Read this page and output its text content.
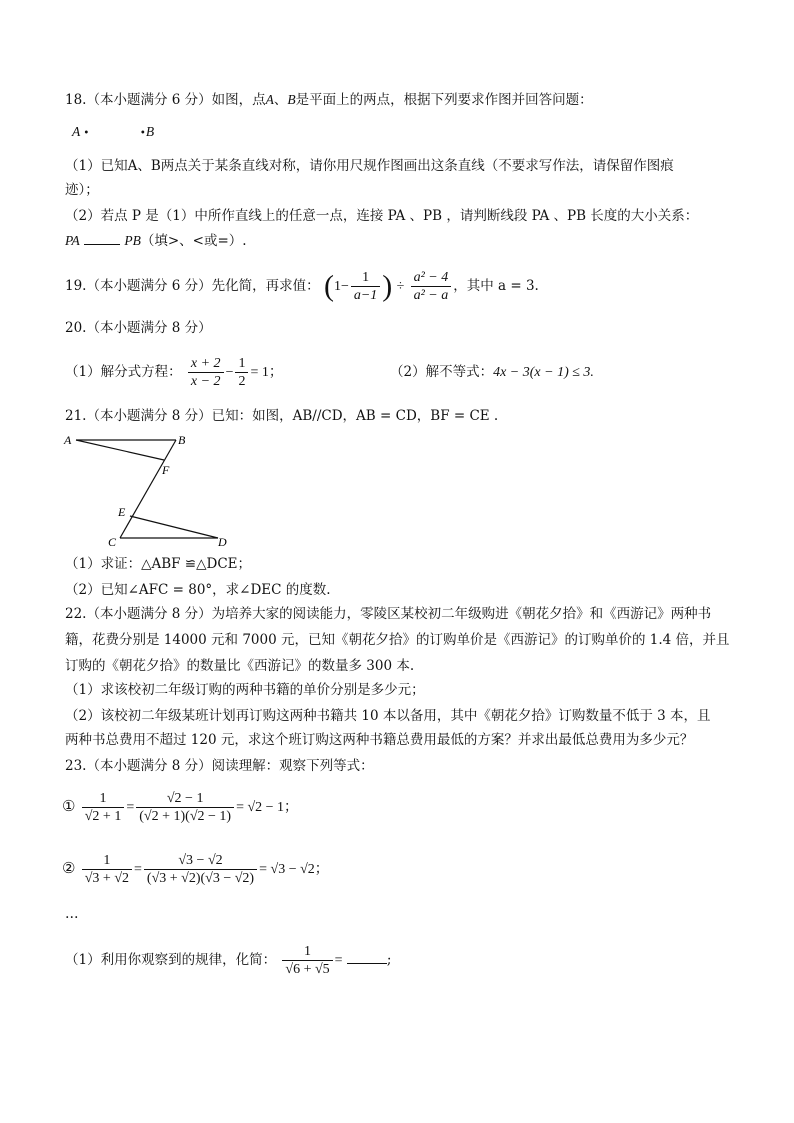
18.（本小题满分 6 分）如图，点A、B是平面上的两点，根据下列要求作图并回答问题：
A •	•B
（1）已知A、B两点关于某条直线对称，请你用尺规作图画出这条直线（不要求写作法，请保留作图痕
迹）；
（2）若点 P 是（1）中所作直线上的任意一点，连接 PA 、PB ，请判断线段 PA 、PB 长度的大小关系：
PA	PB（填>、<或=）.
19.（本小题满分 6 分）先化简，再求值： ($1- \frac{1}{a-1}$ ) ÷ $\frac{\text{a² − 4}}{\text{a² − a}}$ ，其中 a = 3.
20.（本小题满分 8 分）
（1）解分式方程： $\frac{x + 2}{x - 2} - \frac{1}{2} = 1$；	（2）解不等式：4x − 3(x − 1) ≤ 3.
21.（本小题满分 8 分）已知：如图，AB//CD，AB = CD，BF = CE .
A	B
F
E
C	D
（1）求证：△ABF ≌△DCE；
（2）已知∠AFC = 80°，求∠DEC 的度数.
22.（本小题满分 8 分）为培养大家的阅读能力，零陵区某校初二年级购进《朝花夕拾》和《西游记》两种书
籍，花费分别是 14000 元和 7000 元，已知《朝花夕拾》的订购单价是《西游记》的订购单价的 1.4 倍，并且
订购的《朝花夕拾》的数量比《西游记》的数量多 300 本.
（1）求该校初二年级订购的两种书籍的单价分别是多少元；
（2）该校初二年级某班计划再订购这两种书籍共 10 本以备用，其中《朝花夕拾》订购数量不低于 3 本，且
两种书总费用不超过 120 元，求这个班订购这两种书籍总费用最低的方案？并求出最低总费用为多少元？
23.（本小题满分 8 分）阅读理解：观察下列等式：
① $\frac{1}{√2 + 1} = \frac{√2 - 1}{(√2 + 1)(√2 - 1)} = √2 - 1$；
② $\frac{1}{√3 + √2} = \frac{√3 - √2}{(√3 + √2)(√3 - √2)} = √3 - √2$；
…
（1）利用你观察到的规律，化简： $\frac{1}{√6 + √5}$ =	;
